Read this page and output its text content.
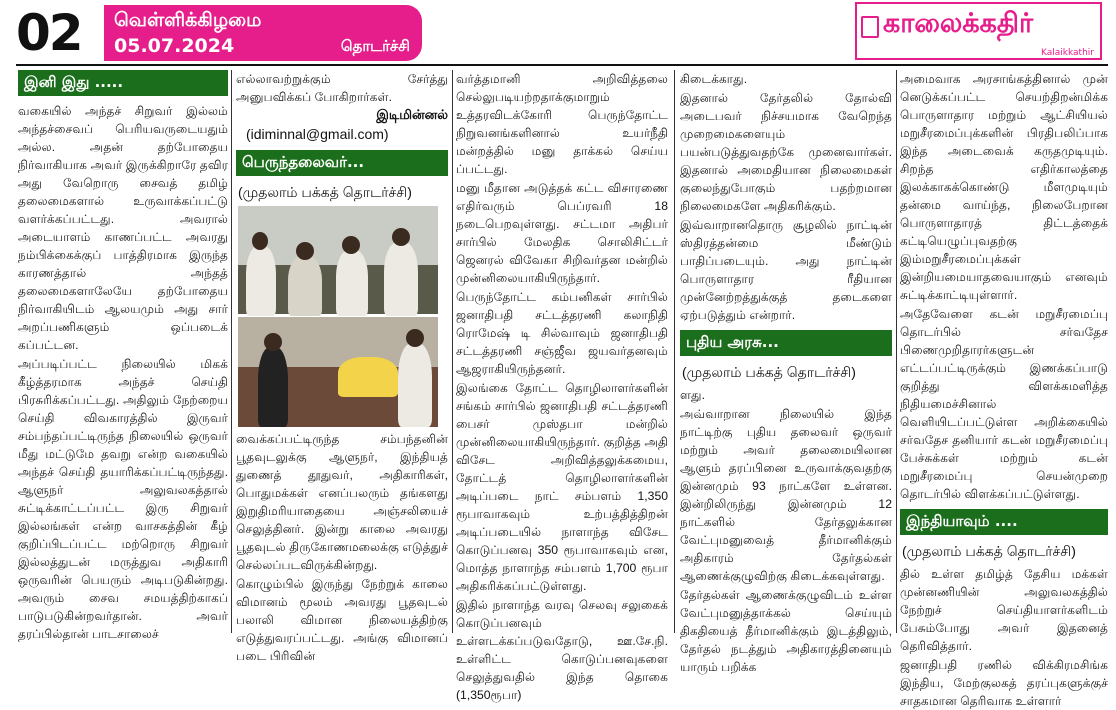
02	வெள்ளிக்கிழமை
05.07.2024	தொடர்ச்சி
காலைக்கதிர்
Kalaikkathir
இனி இது .....

வகையில் அந்தச் சிறுவர் இல்லம் அந்தச்சைவப் பெரியவருடையதும் அல்ல. அதன் தற்போதைய நிர்வாகியாக அவர் இருக்கிறாரே தவிர அது வேறொரு சைவத் தமிழ் தலைமைகளால் உருவாக்கப்பட்டு வளர்க்கப்பட்டது. அவரால் அடையாளம் காணப்பட்ட அவரது நம்பிக்கைக்குப் பாத்திரமாக இருந்த காரணத்தால் அந்தத் தலைமைகளாலேயே தற்போதைய நிர்வாகியிடம் ஆலயமும் அது சார் அறப்பணிகளும் ஒப்படைக் கப்பட்டன.

அப்படிப்பட்ட நிலையில் மிகக் கீழ்த்தரமாக அந்தச் செய்தி பிரசுரிக்கப்பட்டது. அதிலும் நேற்றைய செய்தி விவகாரத்தில் இருவர் சம்பந்தப்பட்டிருந்த நிலையில் ஒருவர் மீது மட்டுமே தவறு என்ற வகையில் அந்தச் செய்தி தயாரிக்கப்பட்டிருந்தது. ஆளுநர் அலுவலகத்தால் சுட்டிக்காட்டப்பட்ட இரு சிறுவர் இல்லங்கள் என்ற வாசகத்தின் கீழ் குறிப்பிடப்பட்ட மற்றொரு சிறுவர் இல்லத்துடன் மருத்துவ அதிகாரி ஒருவரின் பெயரும் அடிபடுகின்றது. அவரும் சைவ சமயத்திற்காகப் பாடுபடுகின்றவர்தான். அவர் தரப்பில்தான் பாடசாலைச்

எல்லாவற்றுக்கும் சேர்த்து அனுபவிக்கப் போகிறார்கள்.

இடிமின்னல்
(idiminnal@gmail.com)
பெருந்தலைவர்...
(முதலாம் பக்கத் தொடர்ச்சி)

வைக்கப்பட்டிருந்த சம்பந்தனின் பூதவுடலுக்கு ஆளுநர், இந்தியத் துணைத் தூதுவர், அதிகாரிகள், பொதுமக்கள் எனப்பலரும் தங்களது இறுதிமரியாதையை அஞ்சலியைச் செலுத்தினர். இன்று காலை அவரது பூதவுடல் திருகோணமலைக்கு எடுத்துச் செல்லப்படவிருக்கின்றது.

கொழும்பில் இருந்து நேற்றுக் காலை விமானம் மூலம் அவரது பூதவுடல் பலாலி விமான நிலையத்திற்கு எடுத்துவரப்பட்டது. அங்கு விமானப் படை பிரிவின்

வர்த்தமானி அறிவித்தலை செல்லுபடியற்றதாக்குமாறும் உத்தரவிடக்கோரி பெருந்தோட்ட நிறுவனங்களினால் உயர்நீதி மன்றத்தில் மனு தாக்கல் செய்ய ப்பட்டது.

மனு மீதான அடுத்தக் கட்ட விசாரணை எதிர்வரும் பெப்ரவரி 18 நடைபெறவுள்ளது. சட்டமா அதிபர் சார்பில் மேலதிக சொலிசிட்டர் ஜெனரல் விவேகா சிறிவர்தன மன்றில் முன்னிலையாகியிருந்தார்.

பெருந்தோட்ட கம்பனிகள் சார்பில் ஜனாதிபதி சட்டத்தரணி கலாநிதி ரொமேஷ் டி சில்வாவும் ஜனாதிபதி சட்டத்தரணி சஞ்ஜீவ ஜயவர்தனவும் ஆஜராகியிருந்தனர்.

இலங்கை தோட்ட தொழிலாளர்களின் சங்கம் சார்பில் ஜனாதிபதி சட்டத்தரணி பைசர் முஸ்தபா மன்றில் முன்னிலையாகியிருந்தார். குறித்த அதி விசேட அறிவித்தலுக்கமைய, தோட்டத் தொழிலாளர்களின் அடிப்படை நாட் சம்பளம் 1,350 ரூபாவாகவும் உற்பத்தித்திறன் அடிப்படையில் நாளாந்த விசேட கொடுப்பனவு 350 ரூபாவாகவும் என, மொத்த நாளாந்த சம்பளம் 1,700 ரூபா அதிகரிக்கப்பட்டுள்ளது.

இதில் நாளாந்த வரவு செலவு சலுகைக் கொடுப்பனவும் உள்ளடக்கப்படுவதோடு, ஊ.சே.நி. உள்ளிட்ட கொடுப்பனவுகளை செலுத்துவதில் இந்த தொகை (1,350ரூபா)

கிடைக்காது.

இதனால் தேர்தலில் தோல்வி அடைபவர் நிச்சயமாக வேறெந்த முறைமைகளையும் பயன்படுத்துவதற்கே முனைவார்கள். இதனால் அமைதியான நிலைமைகள் குலைந்துபோகும் பதற்றமான நிலைமைகளே அதிகரிக்கும்.

இவ்வாறானதொரு சூழலில் நாட்டின் ஸ்திரத்தன்மை மீண்டும் பாதிப்படையும். அது நாட்டின் பொருளாதார ரீதியான முன்னேற்றத்துக்குத் தடைகளை ஏற்படுத்தும் என்றார்.

புதிய அரசு...
(முதலாம் பக்கத் தொடர்ச்சி)

ளது.

அவ்வாறான நிலையில் இந்த நாட்டிற்கு புதிய தலைவர் ஒருவர் மற்றும் அவர் தலைமையிலான ஆளும் தரப்பினை உருவாக்குவதற்கு இன்னமும் 93 நாட்களே உள்ளன. இன்றிலிருந்து இன்னமும் 12 நாட்களில் தேர்தலுக்கான வேட்புமனுவைத் தீர்மானிக்கும் அதிகாரம் தேர்தல்கள் ஆணைக்குழுவிற்கு கிடைக்கவுள்ளது.

தேர்தல்கள் ஆணைக்குழுவிடம் உள்ள வேட்புமனுத்தாக்கல் செய்யும் திகதியைத் தீர்மானிக்கும் இடத்திலும், தேர்தல் நடத்தும் அதிகாரத்தினையும் யாரும் பறிக்க

அமைவாக அரசாங்கத்தினால் முன் னெடுக்கப்பட்ட செயற்திறன்மிக்க பொருளாதார மற்றும் ஆட்சியியல் மறுசீரமைப்புக்களின் பிரதிபலிப்பாக இந்த அடைவைக் கருதமுடியும். சிறந்த எதிர்காலத்தை இலக்காகக்கொண்டு மீளமுடியும் தன்மை வாய்ந்த, நிலைபேறான பொருளாதாரத் திட்டத்தைக் கட்டியெழுப்புவதற்கு இம்மறுசீரமைப்புக்கள் இன்றியமையாதவையாகும் எனவும் சுட்டிக்காட்டியுள்ளார்.

அதேவேளை கடன் மறுசீரமைப்பு தொடர்பில் சர்வதேச பிணைமுறிதாரர்களுடன் எட்டப்பட்டிருக்கும் இணக்கப்பாடு குறித்து விளக்கமளித்த நிதியமைச்சினால் வெளியிடப்பட்டுள்ள அறிக்கையில் சர்வதேச தனியார் கடன் மறுசீரமைப்பு பேச்சுக்கள் மற்றும் கடன் மறுசீரமைப்பு செயன்முறை தொடர்பில் விளக்கப்பட்டுள்ளது.

இந்தியாவும் ....
(முதலாம் பக்கத் தொடர்ச்சி)

தில் உள்ள தமிழ்த் தேசிய மக்கள் முன்னணியின் அலுவலகத்தில் நேற்றுச் செய்தியாளர்களிடம் பேசும்போது அவர் இதனைத் தெரிவித்தார்.

ஜனாதிபதி ரணில் விக்கிரமசிங்க இந்திய, மேற்குலகத் தரப்புகளுக்குச் சாதகமான தெரிவாக உள்ளார்
